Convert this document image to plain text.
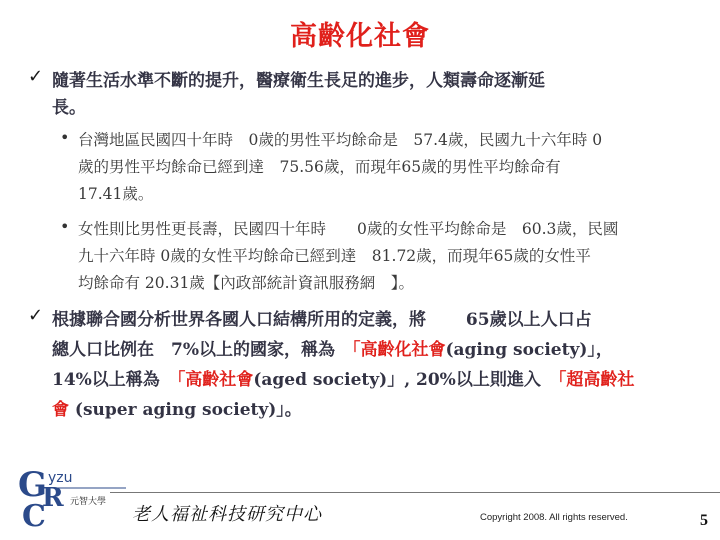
高齡化社會
✓ 隨著生活水準不斷的提升，醫療衛生長足的進步，人類壽命逐漸延
長。
• 台灣地區民國四十年時　0歲的男性平均餘命是　57.4歲，民國九十六年時 0
歲的男性平均餘命已經到達　75.56歲，而現年65歲的男性平均餘命有
17.41歲。
• 女性則比男性更長壽，民國四十年時　　0歲的女性平均餘命是　60.3歲，民國
九十六年時 0歲的女性平均餘命已經到達　81.72歲，而現年65歲的女性平
均餘命有 20.31歲【內政部統計資訊服務網　】。
✓ 根據聯合國分析世界各國人口結構所用的定義，將　　 65歲以上人口占
總人口比例在　7%以上的國家，稱為　「高齡化社會(aging society)」，
14%以上稱為　「高齡社會(aged society)」, 20%以上則進入　「超高齡社
會 (super aging society)」。
G
C
R
yzu
元智大學
老人福祉科技研究中心	Copyright 2008. All rights reserved.	5
